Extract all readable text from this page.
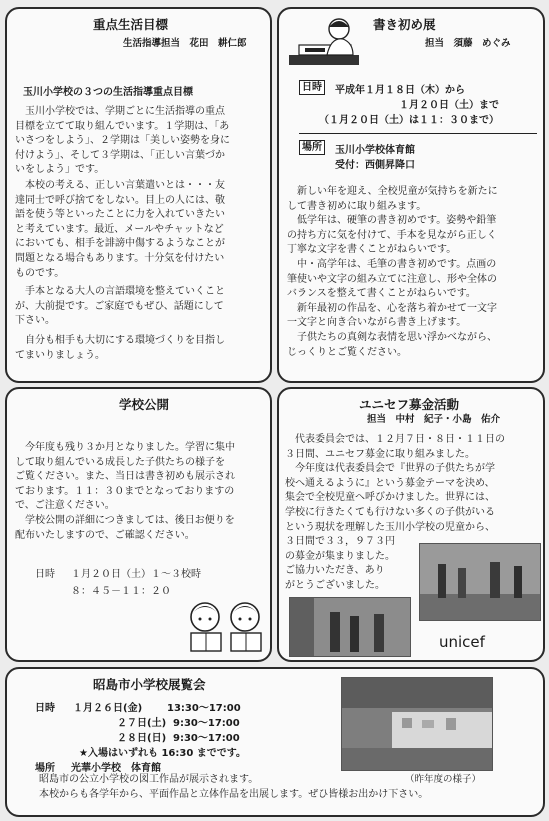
重点生活目標
生活指導担当　花田　耕仁郎
玉川小学校の３つの生活指導重点目標
　玉川小学校では、学期ごとに生活指導の重点
目標を立てて取り組んでいます。１学期は、「あ
いさつをしよう」、２学期は「美しい姿勢を身に
付けよう」、そして３学期は、「正しい言葉づか
いをしよう」です。
　本校の考える、正しい言葉遣いとは・・・友
達同士で呼び捨てをしない。目上の人には、敬
語を使う等といったことに力を入れていきたい
と考えています。最近、メールやチャットなど
においても、相手を誹謗中傷するようなことが
問題となる場合もあります。十分気を付けたい
ものです。
　手本となる大人の言語環境を整えていくこと
が、大前提です。ご家庭でもぜひ、話題にして
下さい。
　自分も相手も大切にする環境づくりを目指し
てまいりましょう。
書き初め展
担当　須藤　めぐみ
日時	平成年１月１８日（木）から
１月２０日（土）まで
（１月２０日（土）は１１：３０まで）
場所	玉川小学校体育館
受付：西側昇降口
　新しい年を迎え、全校児童が気持ちを新たに
して書き初めに取り組みます。
　低学年は、硬筆の書き初めです。姿勢や鉛筆
の持ち方に気を付けて、手本を見ながら正しく
丁寧な文字を書くことがねらいです。
　中・高学年は、毛筆の書き初めです。点画の
筆使いや文字の組み立てに注意し、形や全体の
バランスを整えて書くことがねらいです。
　新年最初の作品を、心を落ち着かせて一文字
一文字と向き合いながら書き上げます。
　子供たちの真剣な表情を思い浮かべながら、
じっくりとご覧ください。
学校公開
　今年度も残り３か月となりました。学習に集中
して取り組んでいる成長した子供たちの様子を
ご覧ください。また、当日は書き初めも展示され
ております。１１：３０までとなっておりますの
で、ご注意ください。
　学校公開の詳細につきましては、後日お便りを
配布いたしますので、ご確認ください。
日時 １月２０日（土）１～３校時
８：４５－１１：２０
ユニセフ募金活動
担当　中村　紀子・小島　佑介
　代表委員会では、１２月７日・８日・１１日の
３日間、ユニセフ募金に取り組みました。
　今年度は代表委員会で『世界の子供たちが学
校へ通えるように』という募金テーマを決め、
集会で全校児童へ呼びかけました。世界には、
学校に行きたくても行けない多くの子供がいる
という現状を理解した玉川小学校の児童から、
３日間で３３，９７３円
の募金が集まりました。
ご協力いただき、あり
がとうございました。
unicef
昭島市小学校展覧会
日時 １月２６日(金) 13:30～17:00
２７日(土) 9:30～17:00
２８日(日) 9:30～17:00
★入場はいずれも 16:30 までです。
場所 光華小学校　体育館
　昭島市の公立小学校の図工作品が展示されます。
　本校からも各学年から、平面作品と立体作品を出展します。ぜひ皆様お出かけ下さい。
（昨年度の様子）
